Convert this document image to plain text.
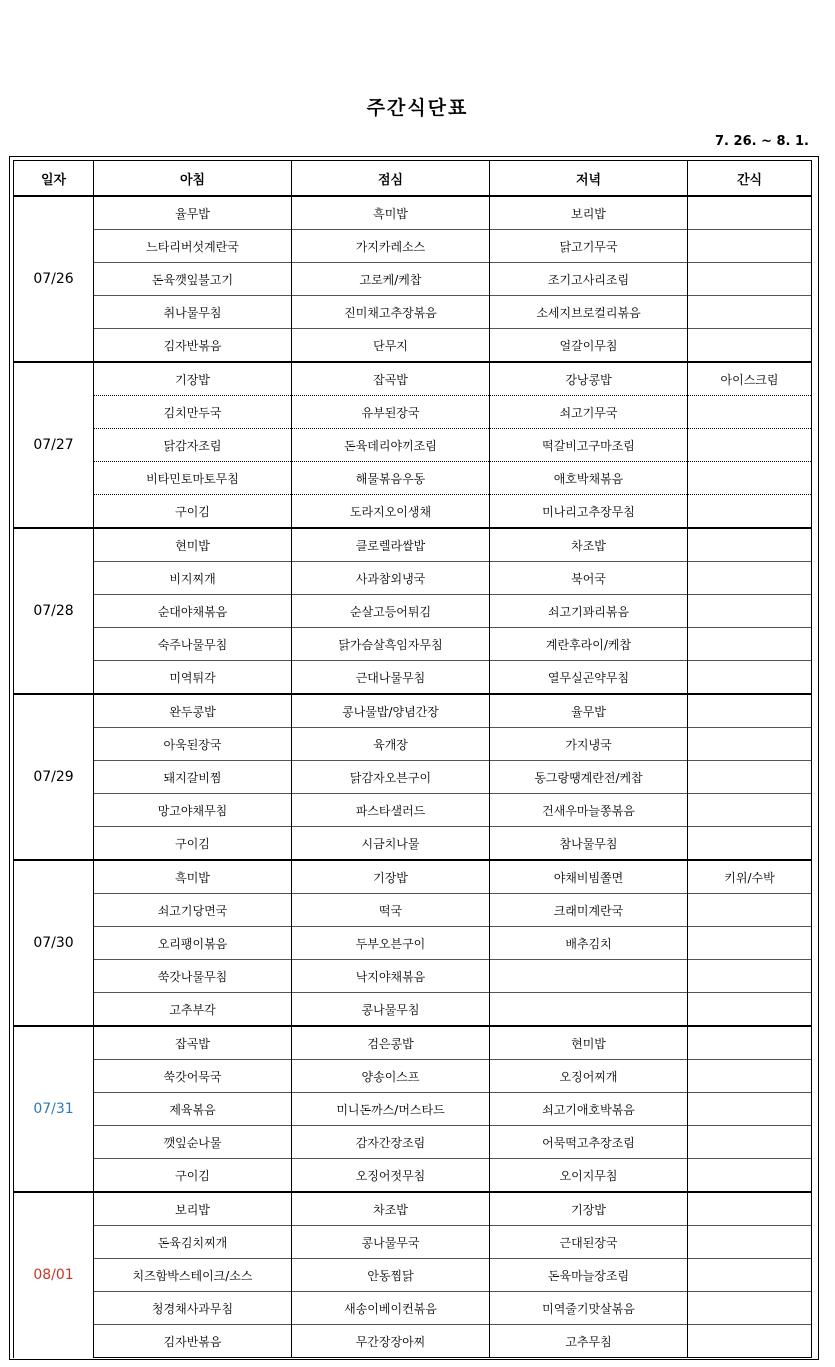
주간식단표
7. 26. ~ 8. 1.
일자	아침	점심	저녁	간식
07/26	율무밥	흑미밥	보리밥	
	느타리버섯계란국	가지카레소스	닭고기무국	
	돈육깻잎불고기	고로케/케찹	조기고사리조림	
	취나물무침	진미채고추장볶음	소세지브로컬리볶음	
	김자반볶음	단무지	얼갈이무침	
07/27	기장밥	잡곡밥	강낭콩밥	아이스크림
	김치만두국	유부된장국	쇠고기무국	
	닭감자조림	돈육데리야끼조림	떡갈비고구마조림	
	비타민토마토무침	해물볶음우동	애호박채볶음	
	구이김	도라지오이생채	미나리고추장무침	
07/28	현미밥	클로렐라쌀밥	차조밥	
	비지찌개	사과참외냉국	북어국	
	순대야채볶음	순살고등어튀김	쇠고기꽈리볶음	
	숙주나물무침	닭가슴살흑임자무침	계란후라이/케찹	
	미역튀각	근대나물무침	열무실곤약무침	
07/29	완두콩밥	콩나물밥/양념간장	율무밥	
	아욱된장국	육개장	가지냉국	
	돼지갈비찜	닭감자오븐구이	동그랑땡계란전/케찹	
	망고야채무침	파스타샐러드	건새우마늘쫑볶음	
	구이김	시금치나물	참나물무침	
07/30	흑미밥	기장밥	야채비빔쫄면	키위/수박
	쇠고기당면국	떡국	크래미계란국	
	오리팽이볶음	두부오븐구이	배추김치	
	쑥갓나물무침	낙지야채볶음		
	고추부각	콩나물무침		
07/31	잡곡밥	검은콩밥	현미밥	
	쑥갓어묵국	양송이스프	오징어찌개	
	제육볶음	미니돈까스/머스타드	쇠고기애호박볶음	
	깻잎순나물	감자간장조림	어묵떡고추장조림	
	구이김	오징어젓무침	오이지무침	
08/01	보리밥	차조밥	기장밥	
	돈육김치찌개	콩나물무국	근대된장국	
	치즈함박스테이크/소스	안동찜닭	돈육마늘장조림	
	청경채사과무침	새송이베이컨볶음	미역줄기맛살볶음	
	김자반볶음	무간장장아찌	고추무침	
